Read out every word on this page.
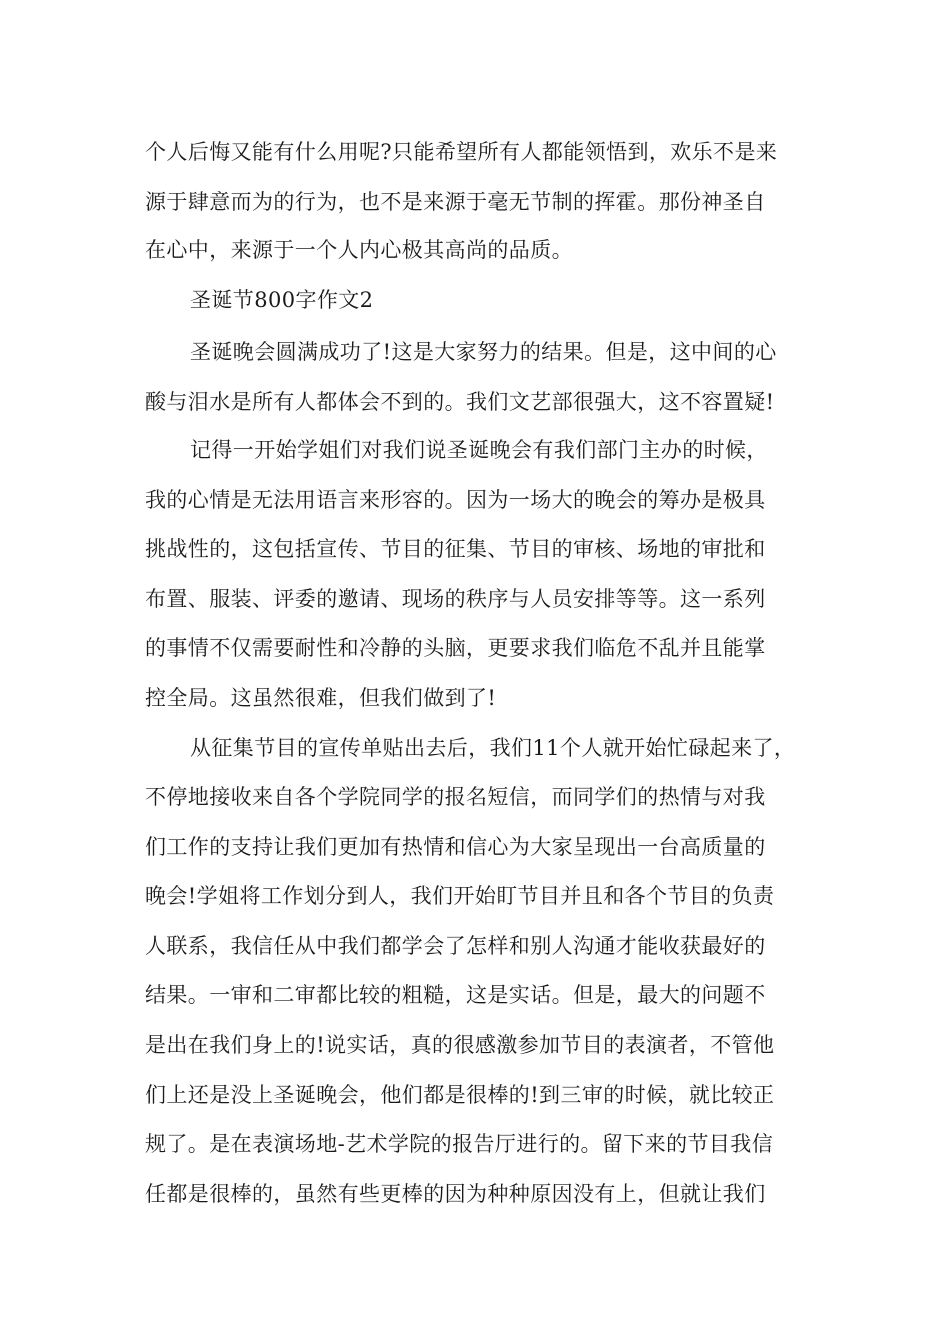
个人后悔又能有什么用呢?只能希望所有人都能领悟到，欢乐不是来
源于肆意而为的行为，也不是来源于毫无节制的挥霍。那份神圣自
在心中，来源于一个人内心极其高尚的品质。
圣诞节800字作文2
圣诞晚会圆满成功了!这是大家努力的结果。但是，这中间的心
酸与泪水是所有人都体会不到的。我们文艺部很强大，这不容置疑!
记得一开始学姐们对我们说圣诞晚会有我们部门主办的时候，
我的心情是无法用语言来形容的。因为一场大的晚会的筹办是极具
挑战性的，这包括宣传、节目的征集、节目的审核、场地的审批和
布置、服装、评委的邀请、现场的秩序与人员安排等等。这一系列
的事情不仅需要耐性和冷静的头脑，更要求我们临危不乱并且能掌
控全局。这虽然很难，但我们做到了!
从征集节目的宣传单贴出去后，我们11个人就开始忙碌起来了，
不停地接收来自各个学院同学的报名短信，而同学们的热情与对我
们工作的支持让我们更加有热情和信心为大家呈现出一台高质量的
晚会!学姐将工作划分到人，我们开始盯节目并且和各个节目的负责
人联系，我信任从中我们都学会了怎样和别人沟通才能收获最好的
结果。一审和二审都比较的粗糙，这是实话。但是，最大的问题不
是出在我们身上的!说实话，真的很感激参加节目的表演者，不管他
们上还是没上圣诞晚会，他们都是很棒的!到三审的时候，就比较正
规了。是在表演场地-艺术学院的报告厅进行的。留下来的节目我信
任都是很棒的，虽然有些更棒的因为种种原因没有上，但就让我们
